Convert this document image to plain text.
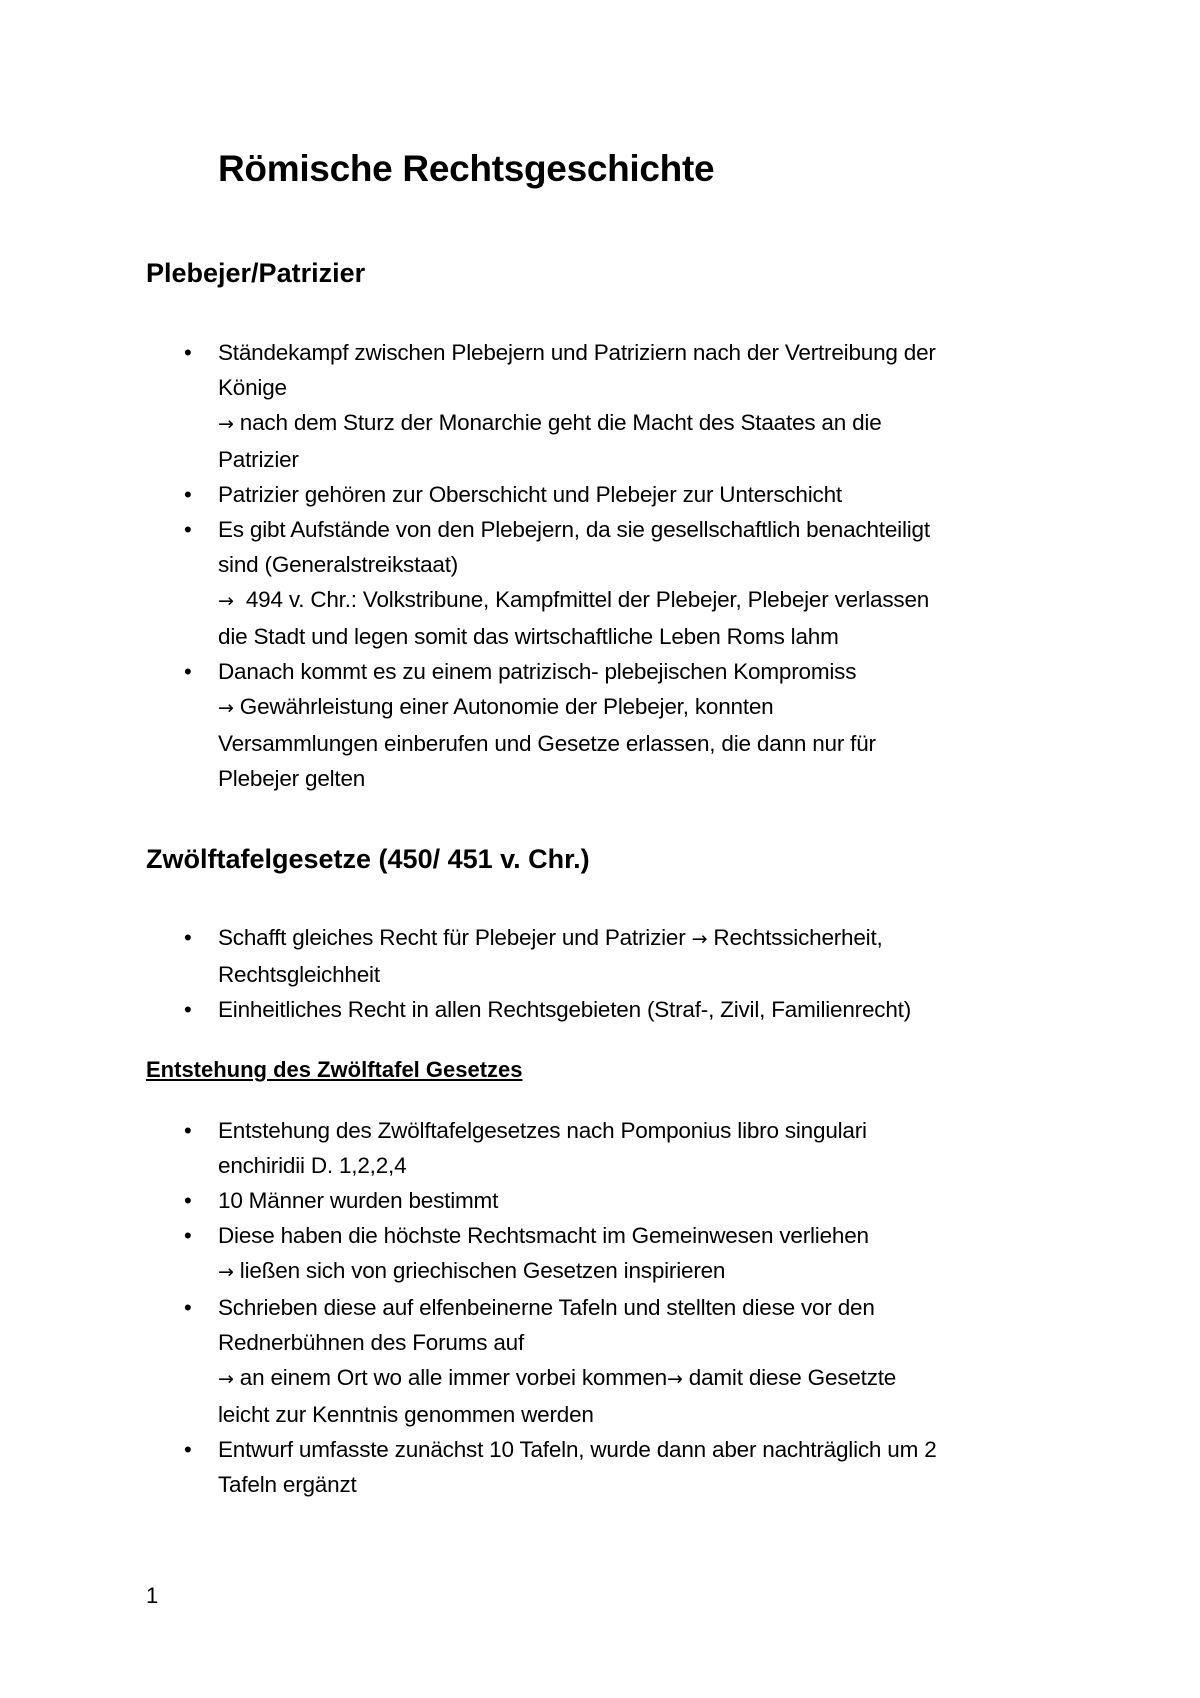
Römische Rechtsgeschichte
Plebejer/Patrizier
• Ständekampf zwischen Plebejern und Patriziern nach der Vertreibung der
Könige
→ nach dem Sturz der Monarchie geht die Macht des Staates an die
Patrizier
• Patrizier gehören zur Oberschicht und Plebejer zur Unterschicht
• Es gibt Aufstände von den Plebejern, da sie gesellschaftlich benachteiligt
sind (Generalstreikstaat)
→ 494 v. Chr.: Volkstribune, Kampfmittel der Plebejer, Plebejer verlassen
die Stadt und legen somit das wirtschaftliche Leben Roms lahm
• Danach kommt es zu einem patrizisch- plebejischen Kompromiss
→ Gewährleistung einer Autonomie der Plebejer, konnten
Versammlungen einberufen und Gesetze erlassen, die dann nur für
Plebejer gelten
Zwölftafelgesetze (450/ 451 v. Chr.)
• Schafft gleiches Recht für Plebejer und Patrizier → Rechtssicherheit,
Rechtsgleichheit
• Einheitliches Recht in allen Rechtsgebieten (Straf-, Zivil, Familienrecht)
Entstehung des Zwölftafel Gesetzes
• Entstehung des Zwölftafelgesetzes nach Pomponius libro singulari
enchiridii D. 1,2,2,4
• 10 Männer wurden bestimmt
• Diese haben die höchste Rechtsmacht im Gemeinwesen verliehen
→ ließen sich von griechischen Gesetzen inspirieren
• Schrieben diese auf elfenbeinerne Tafeln und stellten diese vor den
Rednerbühnen des Forums auf
→ an einem Ort wo alle immer vorbei kommen→ damit diese Gesetzte
leicht zur Kenntnis genommen werden
• Entwurf umfasste zunächst 10 Tafeln, wurde dann aber nachträglich um 2
Tafeln ergänzt
1
